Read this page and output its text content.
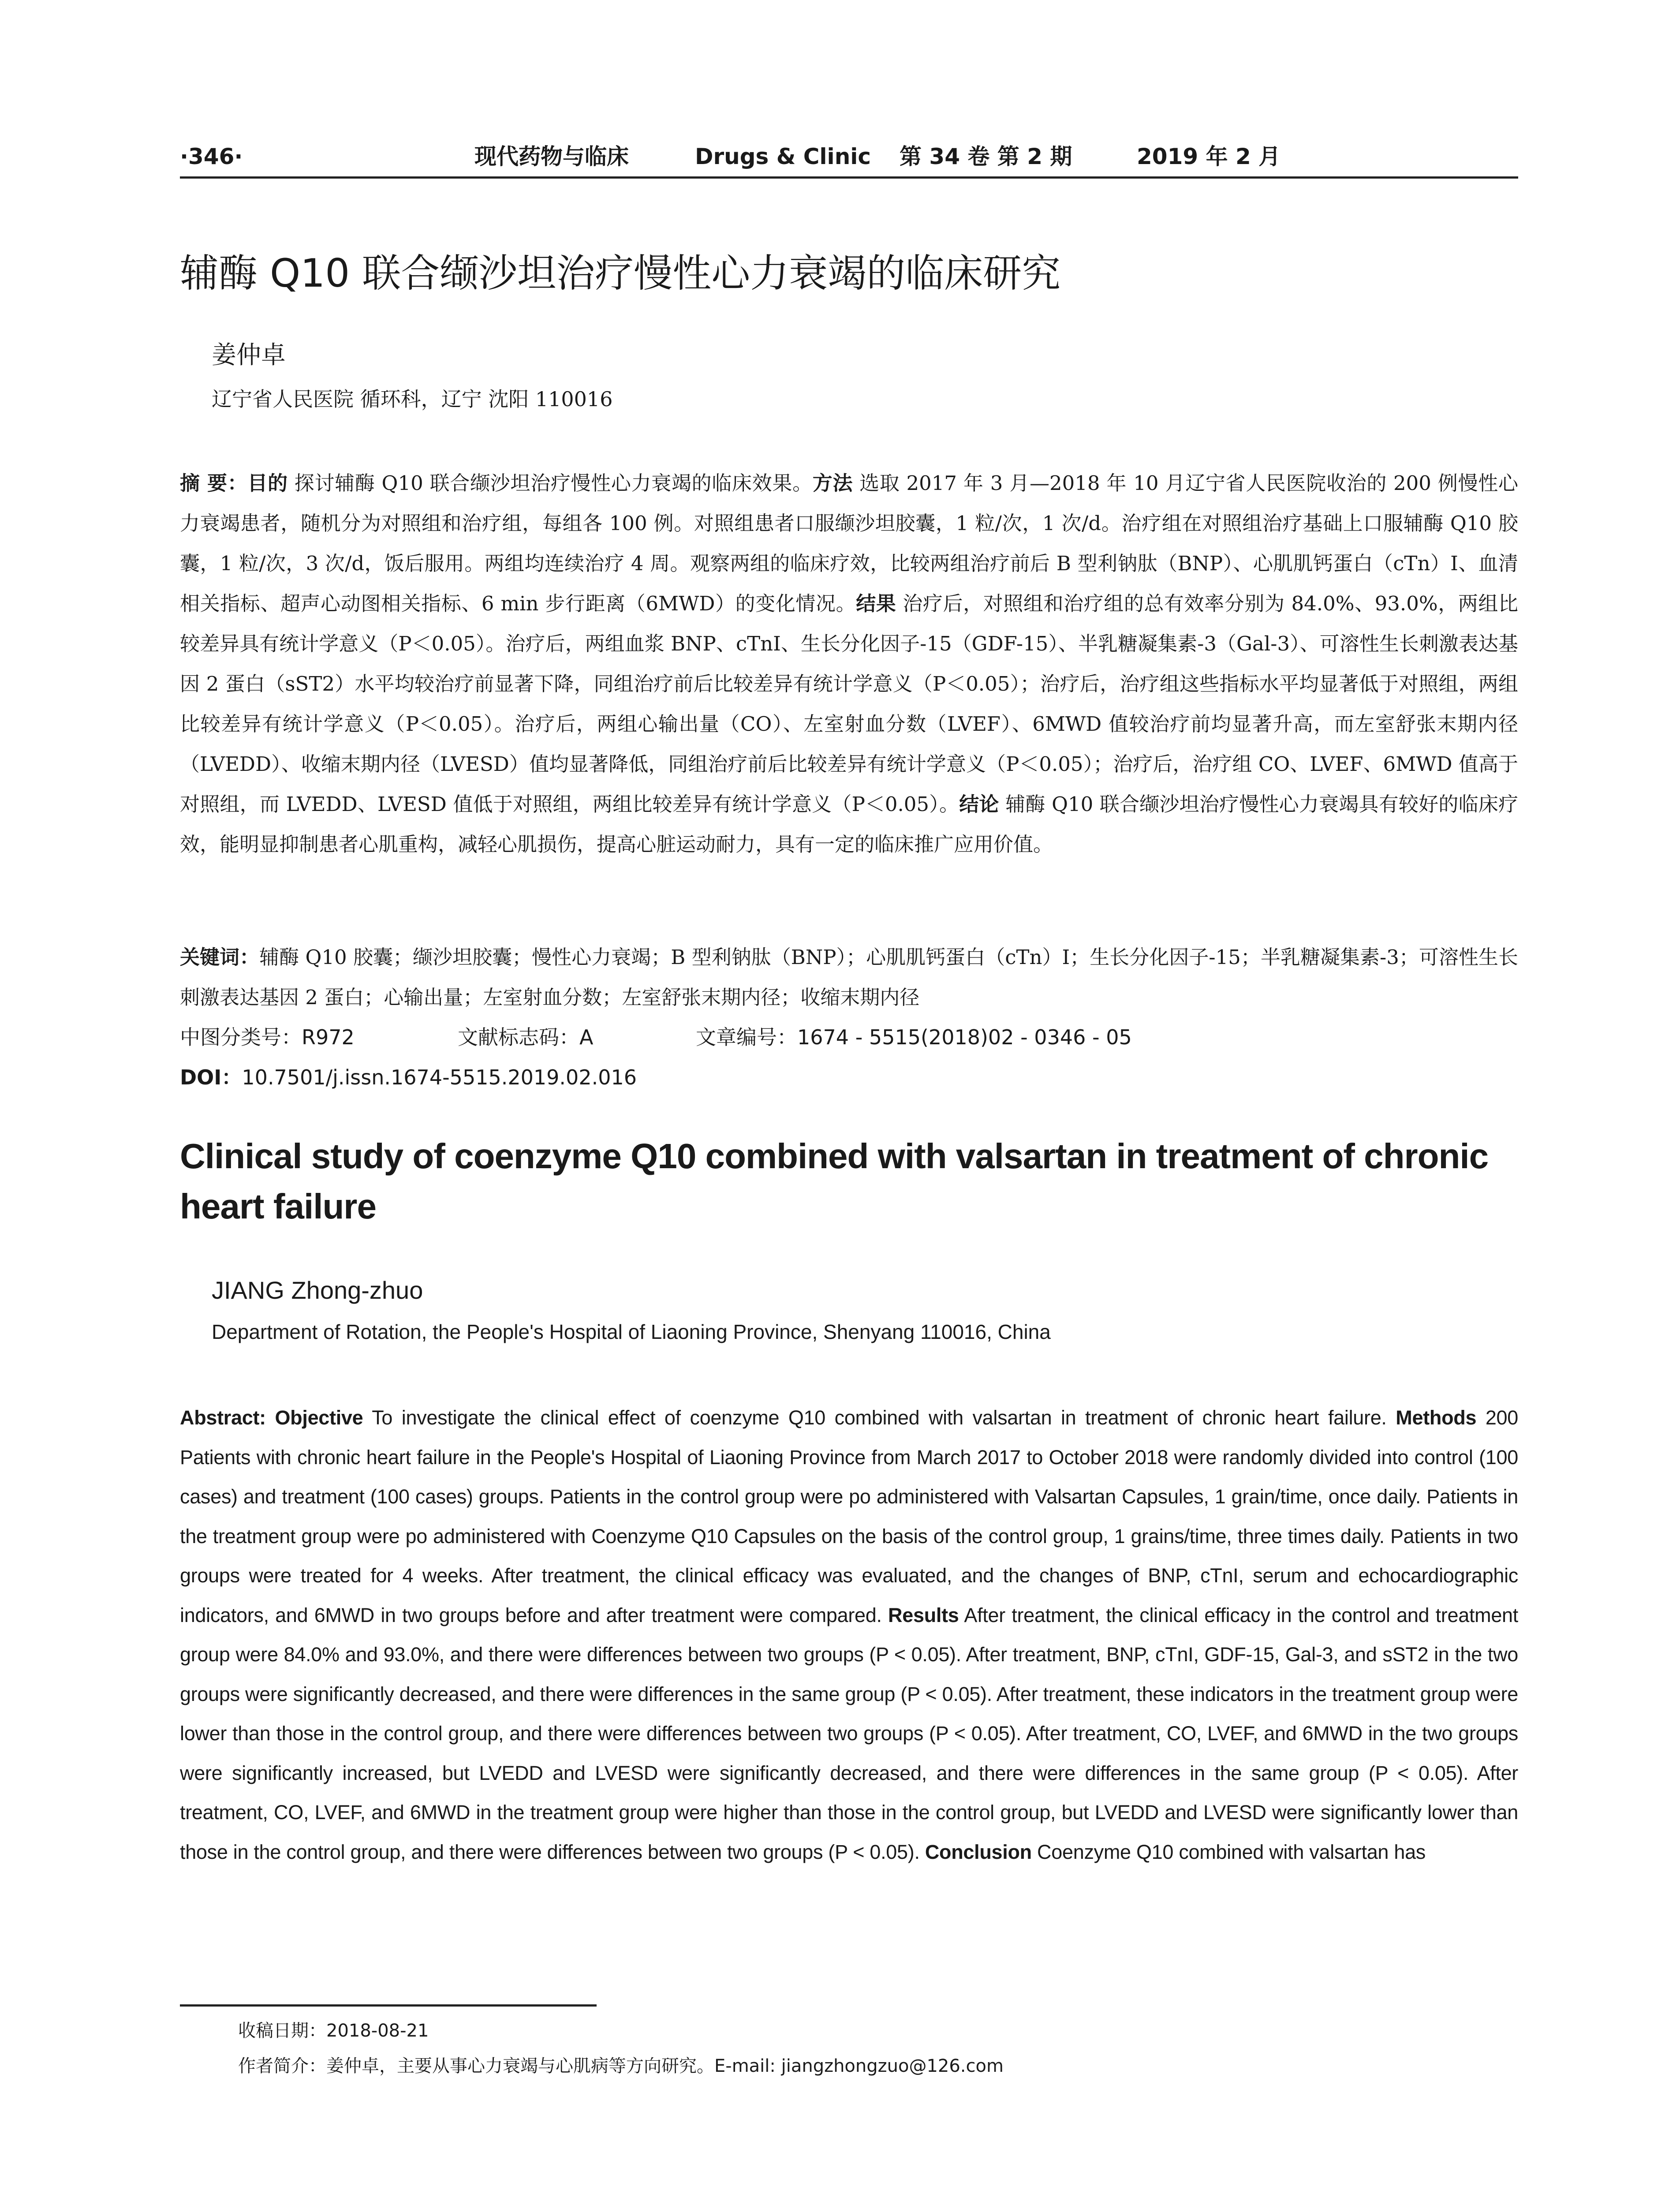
·346·	现代药物与临床	Drugs & Clinic 第 34 卷 第 2 期	2019 年 2 月
辅酶 Q10 联合缬沙坦治疗慢性心力衰竭的临床研究
姜仲卓
辽宁省人民医院 循环科，辽宁 沈阳 110016

摘 要：目的 探讨辅酶 Q10 联合缬沙坦治疗慢性心力衰竭的临床效果。方法 选取 2017 年 3 月—2018 年 10 月辽宁省人民医院收治的 200 例慢性心力衰竭患者，随机分为对照组和治疗组，每组各 100 例。对照组患者口服缬沙坦胶囊，1 粒/次，1 次/d。治疗组在对照组治疗基础上口服辅酶 Q10 胶囊，1 粒/次，3 次/d，饭后服用。两组均连续治疗 4 周。观察两组的临床疗效，比较两组治疗前后 B 型利钠肽（BNP）、心肌肌钙蛋白（cTn）I、血清相关指标、超声心动图相关指标、6 min 步行距离（6MWD）的变化情况。结果 治疗后，对照组和治疗组的总有效率分别为 84.0%、93.0%，两组比较差异具有统计学意义（P＜0.05）。治疗后，两组血浆 BNP、cTnI、生长分化因子-15（GDF-15）、半乳糖凝集素-3（Gal-3）、可溶性生长刺激表达基因 2 蛋白（sST2）水平均较治疗前显著下降，同组治疗前后比较差异有统计学意义（P＜0.05）；治疗后，治疗组这些指标水平均显著低于对照组，两组比较差异有统计学意义（P＜0.05）。治疗后，两组心输出量（CO）、左室射血分数（LVEF）、6MWD 值较治疗前均显著升高，而左室舒张末期内径（LVEDD）、收缩末期内径（LVESD）值均显著降低，同组治疗前后比较差异有统计学意义（P＜0.05）；治疗后，治疗组 CO、LVEF、6MWD 值高于对照组，而 LVEDD、LVESD 值低于对照组，两组比较差异有统计学意义（P＜0.05）。结论 辅酶 Q10 联合缬沙坦治疗慢性心力衰竭具有较好的临床疗效，能明显抑制患者心肌重构，减轻心肌损伤，提高心脏运动耐力，具有一定的临床推广应用价值。

关键词：辅酶 Q10 胶囊；缬沙坦胶囊；慢性心力衰竭；B 型利钠肽（BNP）；心肌肌钙蛋白（cTn）I；生长分化因子-15；半乳糖凝集素-3；可溶性生长刺激表达基因 2 蛋白；心输出量；左室射血分数；左室舒张末期内径；收缩末期内径

中图分类号：R972	文献标志码：A	文章编号：1674 - 5515(2018)02 - 0346 - 05
DOI：10.7501/j.issn.1674-5515.2019.02.016
Clinical study of coenzyme Q10 combined with valsartan in treatment of chronic heart failure
JIANG Zhong-zhuo
Department of Rotation, the People's Hospital of Liaoning Province, Shenyang 110016, China

Abstract: Objective To investigate the clinical effect of coenzyme Q10 combined with valsartan in treatment of chronic heart failure. Methods 200 Patients with chronic heart failure in the People's Hospital of Liaoning Province from March 2017 to October 2018 were randomly divided into control (100 cases) and treatment (100 cases) groups. Patients in the control group were po administered with Valsartan Capsules, 1 grain/time, once daily. Patients in the treatment group were po administered with Coenzyme Q10 Capsules on the basis of the control group, 1 grains/time, three times daily. Patients in two groups were treated for 4 weeks. After treatment, the clinical efficacy was evaluated, and the changes of BNP, cTnI, serum and echocardiographic indicators, and 6MWD in two groups before and after treatment were compared. Results After treatment, the clinical efficacy in the control and treatment group were 84.0% and 93.0%, and there were differences between two groups (P < 0.05). After treatment, BNP, cTnI, GDF-15, Gal-3, and sST2 in the two groups were significantly decreased, and there were differences in the same group (P < 0.05). After treatment, these indicators in the treatment group were lower than those in the control group, and there were differences between two groups (P < 0.05). After treatment, CO, LVEF, and 6MWD in the two groups were significantly increased, but LVEDD and LVESD were significantly decreased, and there were differences in the same group (P < 0.05). After treatment, CO, LVEF, and 6MWD in the treatment group were higher than those in the control group, but LVEDD and LVESD were significantly lower than those in the control group, and there were differences between two groups (P < 0.05). Conclusion Coenzyme Q10 combined with valsartan has

收稿日期：2018-08-21
作者简介：姜仲卓，主要从事心力衰竭与心肌病等方向研究。E-mail: jiangzhongzuo@126.com
